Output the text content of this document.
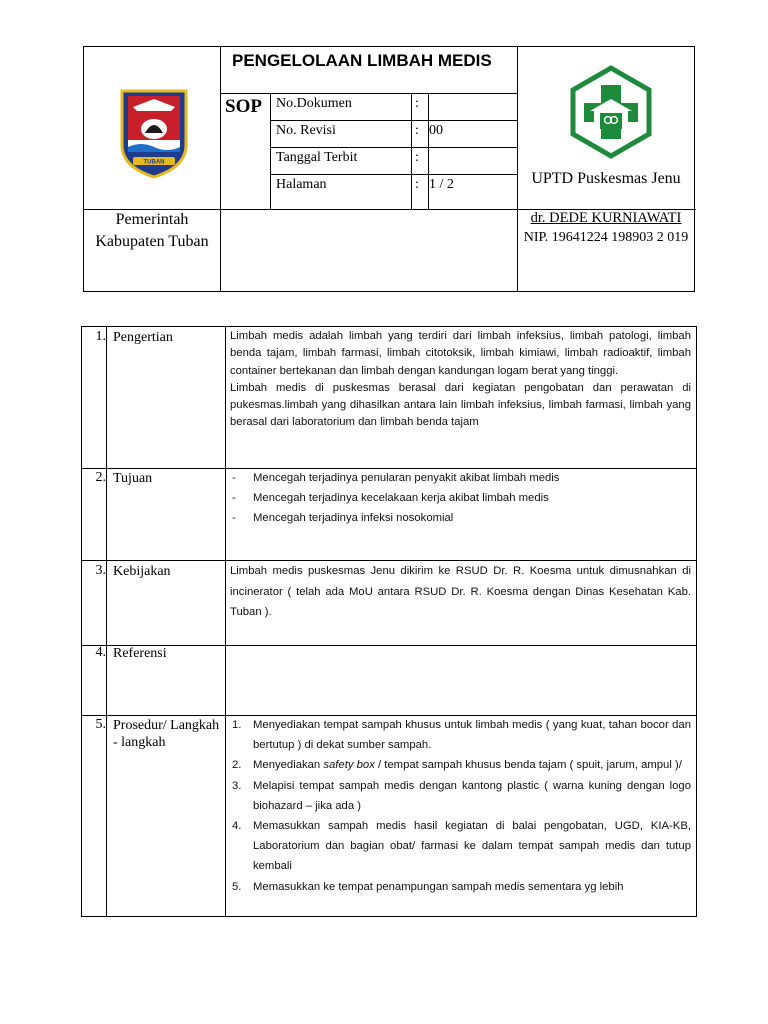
TUBAN
PENGELOLAAN LIMBAH MEDIS
SOP No.Dokumen	:
No. Revisi	: 00
Tanggal Terbit	:
Halaman	: 1 / 2	UPTD Puskesmas Jenu
Pemerintah Kabupaten Tuban
dr. DEDE KURNIAWATI
NIP. 19641224 198903 2 019
1. Pengertian	Limbah medis adalah limbah yang terdiri dari limbah infeksius, limbah patologi, limbah benda tajam, limbah farmasi, limbah citotoksik, limbah kimiawi, limbah radioaktif, limbah container bertekanan dan limbah dengan kandungan logam berat yang tinggi.

Limbah medis di puskesmas berasal dari kegiatan pengobatan dan perawatan di pukesmas.limbah yang dihasilkan antara lain limbah infeksius, limbah farmasi, limbah yang berasal dari laboratorium dan limbah benda tajam

2. Tujuan
-	Mencegah terjadinya penularan penyakit akibat limbah medis
- Mencegah terjadinya kecelakaan kerja akibat limbah medis
- Mencegah terjadinya infeksi nosokomial
3. Kebijakan	Limbah medis puskesmas Jenu dikirim ke RSUD Dr. R. Koesma untuk dimusnahkan di incinerator ( telah ada MoU antara RSUD Dr. R. Koesma dengan Dinas Kesehatan Kab. Tuban ).

4. Referensi
5. Prosedur/ Langkah - langkah
1. Menyediakan tempat sampah khusus untuk limbah medis ( yang kuat, tahan bocor dan bertutup ) di dekat sumber sampah.
2. Menyediakan safety box / tempat sampah khusus benda tajam ( spuit, jarum, ampul )/
3. Melapisi tempat sampah medis dengan kantong plastic ( warna kuning dengan logo biohazard – jika ada )
4. Memasukkan sampah medis hasil kegiatan di balai pengobatan, UGD, KIA-KB, Laboratorium dan bagian obat/ farmasi ke dalam tempat sampah medis dan tutup kembali
5. Memasukkan ke tempat penampungan sampah medis sementara yg lebih
